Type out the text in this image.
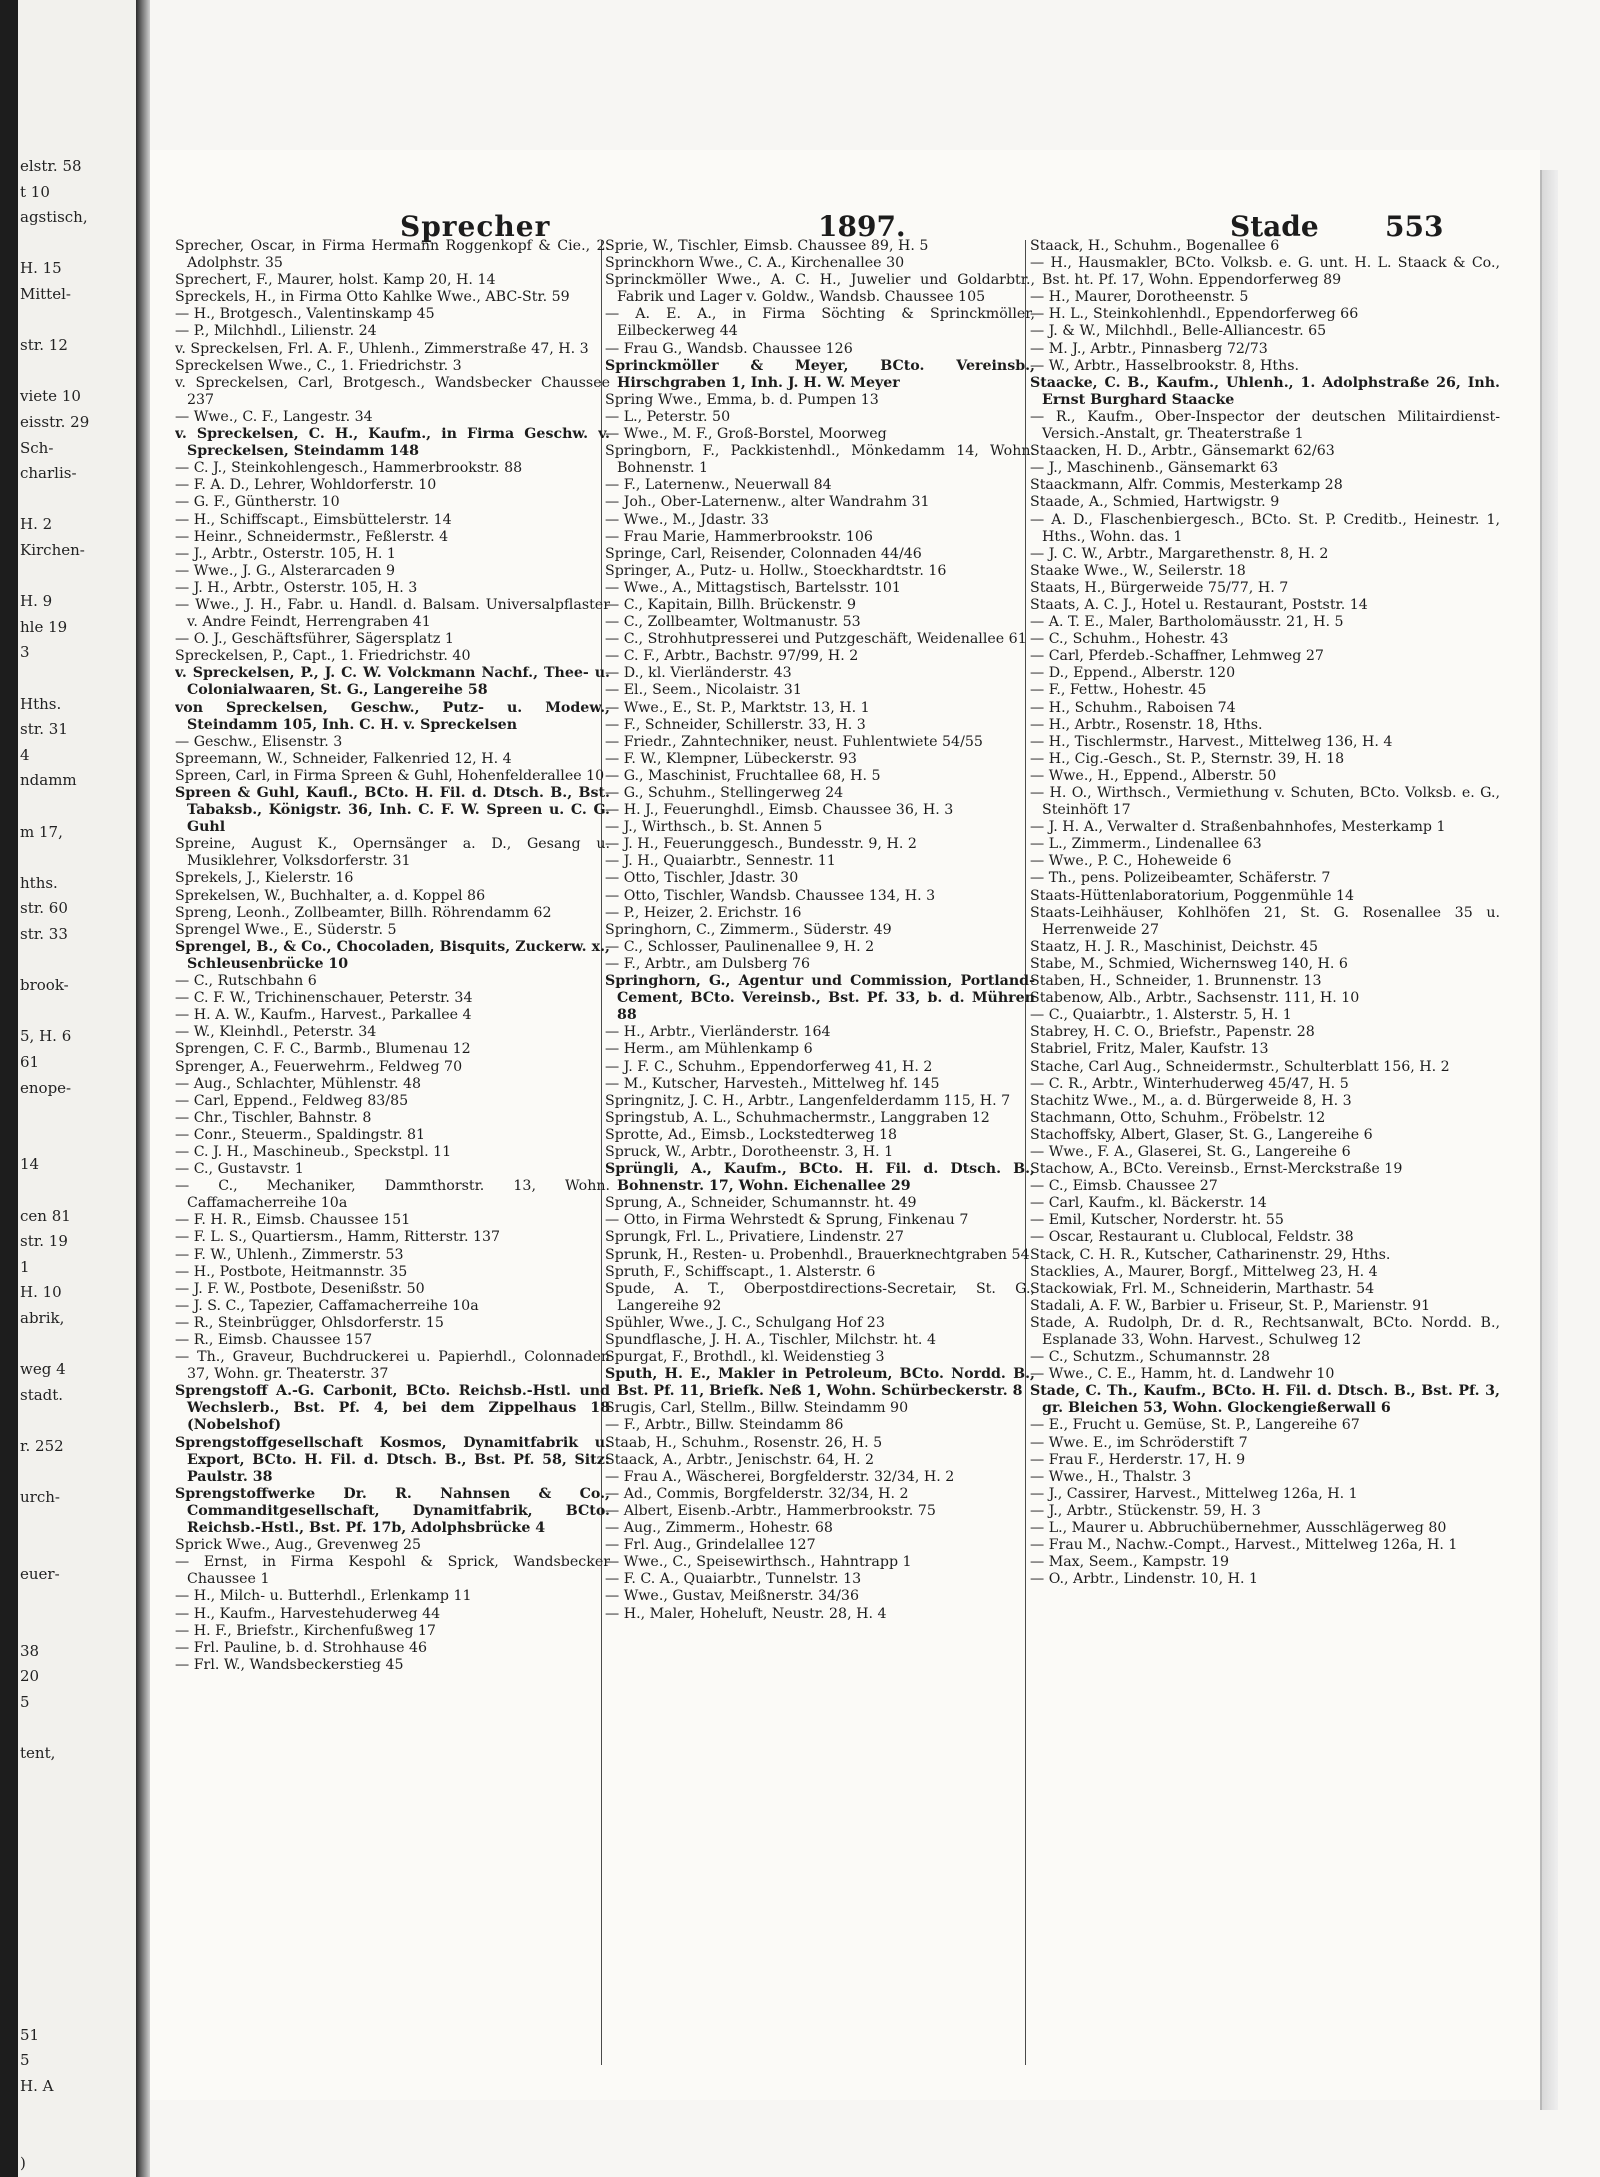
elstr. 58
t 10
agstisch,
H. 15
Mittel-
str. 12
viete 10
eisstr. 29
Sch-
charlis-
H. 2
Kirchen-
H. 9
hle 19
3
Hths.
str. 31
4
ndamm
m 17,
hths.
str. 60
str. 33
brook-
5, H. 6
61
enope-
14
cen 81
str. 19
1
H. 10
abrik,
weg 4
stadt.
r. 252
urch-
euer-
38
20
5
tent,
51
5
H. A
)
Sprecher	1897.	Stade 553

Sprecher, Oscar, in Firma Hermann Roggenkopf & Cie., 2. Adolphstr. 35

Sprechert, F., Maurer, holst. Kamp 20, H. 14

Spreckels, H., in Firma Otto Kahlke Wwe., ABC-Str. 59

— H., Brotgesch., Valentinskamp 45

— P., Milchhdl., Lilienstr. 24

v. Spreckelsen, Frl. A. F., Uhlenh., Zimmerstraße 47, H. 3

Spreckelsen Wwe., C., 1. Friedrichstr. 3

v. Spreckelsen, Carl, Brotgesch., Wandsbecker Chaussee 237

— Wwe., C. F., Langestr. 34

v. Spreckelsen, C. H., Kaufm., in Firma Geschw. v. Spreckelsen, Steindamm 148

— C. J., Steinkohlengesch., Hammerbrookstr. 88

— F. A. D., Lehrer, Wohldorferstr. 10

— G. F., Güntherstr. 10

— H., Schiffscapt., Eimsbüttelerstr. 14

— Heinr., Schneidermstr., Feßlerstr. 4

— J., Arbtr., Osterstr. 105, H. 1

— Wwe., J. G., Alsterarcaden 9

— J. H., Arbtr., Osterstr. 105, H. 3

— Wwe., J. H., Fabr. u. Handl. d. Balsam. Universalpflaster v. Andre Feindt, Herrengraben 41

— O. J., Geschäftsführer, Sägersplatz 1

Spreckelsen, P., Capt., 1. Friedrichstr. 40

v. Spreckelsen, P., J. C. W. Volckmann Nachf., Thee- u. Colonialwaaren, St. G., Langereihe 58

von Spreckelsen, Geschw., Putz- u. Modew., Steindamm 105, Inh. C. H. v. Spreckelsen

— Geschw., Elisenstr. 3

Spreemann, W., Schneider, Falkenried 12, H. 4

Spreen, Carl, in Firma Spreen & Guhl, Hohenfelderallee 10

Spreen & Guhl, Kaufl., BCto. H. Fil. d. Dtsch. B., Bst. Tabaksb., Königstr. 36, Inh. C. F. W. Spreen u. C. G. Guhl

Spreine, August K., Opernsänger a. D., Gesang u. Musiklehrer, Volksdorferstr. 31

Sprekels, J., Kielerstr. 16

Sprekelsen, W., Buchhalter, a. d. Koppel 86

Spreng, Leonh., Zollbeamter, Billh. Röhrendamm 62

Sprengel Wwe., E., Süderstr. 5

Sprengel, B., & Co., Chocoladen, Bisquits, Zuckerw. x., Schleusenbrücke 10

— C., Rutschbahn 6

— C. F. W., Trichinenschauer, Peterstr. 34

— H. A. W., Kaufm., Harvest., Parkallee 4

— W., Kleinhdl., Peterstr. 34

Sprengen, C. F. C., Barmb., Blumenau 12

Sprenger, A., Feuerwehrm., Feldweg 70

— Aug., Schlachter, Mühlenstr. 48

— Carl, Eppend., Feldweg 83/85

— Chr., Tischler, Bahnstr. 8

— Conr., Steuerm., Spaldingstr. 81

— C. J. H., Maschineub., Speckstpl. 11

— C., Gustavstr. 1

— C., Mechaniker, Dammthorstr. 13, Wohn. Caffamacherreihe 10a

— F. H. R., Eimsb. Chaussee 151

— F. L. S., Quartiersm., Hamm, Ritterstr. 137

— F. W., Uhlenh., Zimmerstr. 53

— H., Postbote, Heitmannstr. 35

— J. F. W., Postbote, Desenißstr. 50

— J. S. C., Tapezier, Caffamacherreihe 10a

— R., Steinbrügger, Ohlsdorferstr. 15

— R., Eimsb. Chaussee 157

— Th., Graveur, Buchdruckerei u. Papierhdl., Colonnaden 37, Wohn. gr. Theaterstr. 37

Sprengstoff A.-G. Carbonit, BCto. Reichsb.-Hstl. und Wechslerb., Bst. Pf. 4, bei dem Zippelhaus 18 (Nobelshof)

Sprengstoffgesellschaft Kosmos, Dynamitfabrik u. Export, BCto. H. Fil. d. Dtsch. B., Bst. Pf. 58, Sitz: Paulstr. 38

Sprengstoffwerke Dr. R. Nahnsen & Co., Commanditgesellschaft, Dynamitfabrik, BCto. Reichsb.-Hstl., Bst. Pf. 17b, Adolphsbrücke 4

Sprick Wwe., Aug., Grevenweg 25

— Ernst, in Firma Kespohl & Sprick, Wandsbecker Chaussee 1

— H., Milch- u. Butterhdl., Erlenkamp 11

— H., Kaufm., Harvestehuderweg 44

— H. F., Briefstr., Kirchenfußweg 17

— Frl. Pauline, b. d. Strohhause 46

— Frl. W., Wandsbeckerstieg 45

Sprie, W., Tischler, Eimsb. Chaussee 89, H. 5

Sprinckhorn Wwe., C. A., Kirchenallee 30

Sprinckmöller Wwe., A. C. H., Juwelier und Goldarbtr., Fabrik und Lager v. Goldw., Wandsb. Chaussee 105

— A. E. A., in Firma Söchting & Sprinckmöller, Eilbeckerweg 44

— Frau G., Wandsb. Chaussee 126

Sprinckmöller & Meyer, BCto. Vereinsb., Hirschgraben 1, Inh. J. H. W. Meyer

Spring Wwe., Emma, b. d. Pumpen 13

— L., Peterstr. 50

— Wwe., M. F., Groß-Borstel, Moorweg

Springborn, F., Packkistenhdl., Mönkedamm 14, Wohn. Bohnenstr. 1

— F., Laternenw., Neuerwall 84

— Joh., Ober-Laternenw., alter Wandrahm 31

— Wwe., M., Jdastr. 33

— Frau Marie, Hammerbrookstr. 106

Springe, Carl, Reisender, Colonnaden 44/46

Springer, A., Putz- u. Hollw., Stoeckhardtstr. 16

— Wwe., A., Mittagstisch, Bartelsstr. 101

— C., Kapitain, Billh. Brückenstr. 9

— C., Zollbeamter, Woltmanustr. 53

— C., Strohhutpresserei und Putzgeschäft, Weidenallee 61

— C. F., Arbtr., Bachstr. 97/99, H. 2

— D., kl. Vierländerstr. 43

— El., Seem., Nicolaistr. 31

— Wwe., E., St. P., Marktstr. 13, H. 1

— F., Schneider, Schillerstr. 33, H. 3

— Friedr., Zahntechniker, neust. Fuhlentwiete 54/55

— F. W., Klempner, Lübeckerstr. 93

— G., Maschinist, Fruchtallee 68, H. 5

— G., Schuhm., Stellingerweg 24

— H. J., Feuerunghdl., Eimsb. Chaussee 36, H. 3

— J., Wirthsch., b. St. Annen 5

— J. H., Feuerunggesch., Bundesstr. 9, H. 2

— J. H., Quaiarbtr., Sennestr. 11

— Otto, Tischler, Jdastr. 30

— Otto, Tischler, Wandsb. Chaussee 134, H. 3

— P., Heizer, 2. Erichstr. 16

Springhorn, C., Zimmerm., Süderstr. 49

— C., Schlosser, Paulinenallee 9, H. 2

— F., Arbtr., am Dulsberg 76

Springhorn, G., Agentur und Commission, Portland-Cement, BCto. Vereinsb., Bst. Pf. 33, b. d. Mühren 88

— H., Arbtr., Vierländerstr. 164

— Herm., am Mühlenkamp 6

— J. F. C., Schuhm., Eppendorferweg 41, H. 2

— M., Kutscher, Harvesteh., Mittelweg hf. 145

Springnitz, J. C. H., Arbtr., Langenfelderdamm 115, H. 7

Springstub, A. L., Schuhmachermstr., Langgraben 12

Sprotte, Ad., Eimsb., Lockstedterweg 18

Spruck, W., Arbtr., Dorotheenstr. 3, H. 1

Sprüngli, A., Kaufm., BCto. H. Fil. d. Dtsch. B., Bohnenstr. 17, Wohn. Eichenallee 29

Sprung, A., Schneider, Schumannstr. ht. 49

— Otto, in Firma Wehrstedt & Sprung, Finkenau 7

Sprungk, Frl. L., Privatiere, Lindenstr. 27

Sprunk, H., Resten- u. Probenhdl., Brauerknechtgraben 54

Spruth, F., Schiffscapt., 1. Alsterstr. 6

Spude, A. T., Oberpostdirections-Secretair, St. G., Langereihe 92

Spühler, Wwe., J. C., Schulgang Hof 23

Spundflasche, J. H. A., Tischler, Milchstr. ht. 4

Spurgat, F., Brothdl., kl. Weidenstieg 3

Sputh, H. E., Makler in Petroleum, BCto. Nordd. B., Bst. Pf. 11, Briefk. Neß 1, Wohn. Schürbeckerstr. 8

Srugis, Carl, Stellm., Billw. Steindamm 90

— F., Arbtr., Billw. Steindamm 86

Staab, H., Schuhm., Rosenstr. 26, H. 5

Staack, A., Arbtr., Jenischstr. 64, H. 2

— Frau A., Wäscherei, Borgfelderstr. 32/34, H. 2

— Ad., Commis, Borgfelderstr. 32/34, H. 2

— Albert, Eisenb.-Arbtr., Hammerbrookstr. 75

— Aug., Zimmerm., Hohestr. 68

— Frl. Aug., Grindelallee 127

— Wwe., C., Speisewirthsch., Hahntrapp 1

— F. C. A., Quaiarbtr., Tunnelstr. 13

— Wwe., Gustav, Meißnerstr. 34/36

— H., Maler, Hoheluft, Neustr. 28, H. 4

Staack, H., Schuhm., Bogenallee 6

— H., Hausmakler, BCto. Volksb. e. G. unt. H. L. Staack & Co., Bst. ht. Pf. 17, Wohn. Eppendorferweg 89

— H., Maurer, Dorotheenstr. 5

— H. L., Steinkohlenhdl., Eppendorferweg 66

— J. & W., Milchhdl., Belle-Alliancestr. 65

— M. J., Arbtr., Pinnasberg 72/73

— W., Arbtr., Hasselbrookstr. 8, Hths.

Staacke, C. B., Kaufm., Uhlenh., 1. Adolphstraße 26, Inh. Ernst Burghard Staacke

— R., Kaufm., Ober-Inspector der deutschen Militairdienst-Versich.-Anstalt, gr. Theaterstraße 1

Staacken, H. D., Arbtr., Gänsemarkt 62/63

— J., Maschinenb., Gänsemarkt 63

Staackmann, Alfr. Commis, Mesterkamp 28

Staade, A., Schmied, Hartwigstr. 9

— A. D., Flaschenbiergesch., BCto. St. P. Creditb., Heinestr. 1, Hths., Wohn. das. 1

— J. C. W., Arbtr., Margarethenstr. 8, H. 2

Staake Wwe., W., Seilerstr. 18

Staats, H., Bürgerweide 75/77, H. 7

Staats, A. C. J., Hotel u. Restaurant, Poststr. 14

— A. T. E., Maler, Bartholomäusstr. 21, H. 5

— C., Schuhm., Hohestr. 43

— Carl, Pferdeb.-Schaffner, Lehmweg 27

— D., Eppend., Alberstr. 120

— F., Fettw., Hohestr. 45

— H., Schuhm., Raboisen 74

— H., Arbtr., Rosenstr. 18, Hths.

— H., Tischlermstr., Harvest., Mittelweg 136, H. 4

— H., Cig.-Gesch., St. P., Sternstr. 39, H. 18

— Wwe., H., Eppend., Alberstr. 50

— H. O., Wirthsch., Vermiethung v. Schuten, BCto. Volksb. e. G., Steinhöft 17

— J. H. A., Verwalter d. Straßenbahnhofes, Mesterkamp 1

— L., Zimmerm., Lindenallee 63

— Wwe., P. C., Hoheweide 6

— Th., pens. Polizeibeamter, Schäferstr. 7

Staats-Hüttenlaboratorium, Poggenmühle 14

Staats-Leihhäuser, Kohlhöfen 21, St. G. Rosenallee 35 u. Herrenweide 27

Staatz, H. J. R., Maschinist, Deichstr. 45

Stabe, M., Schmied, Wichernsweg 140, H. 6

Staben, H., Schneider, 1. Brunnenstr. 13

Stabenow, Alb., Arbtr., Sachsenstr. 111, H. 10

— C., Quaiarbtr., 1. Alsterstr. 5, H. 1

Stabrey, H. C. O., Briefstr., Papenstr. 28

Stabriel, Fritz, Maler, Kaufstr. 13

Stache, Carl Aug., Schneidermstr., Schulterblatt 156, H. 2

— C. R., Arbtr., Winterhuderweg 45/47, H. 5

Stachitz Wwe., M., a. d. Bürgerweide 8, H. 3

Stachmann, Otto, Schuhm., Fröbelstr. 12

Stachoffsky, Albert, Glaser, St. G., Langereihe 6

— Wwe., F. A., Glaserei, St. G., Langereihe 6

Stachow, A., BCto. Vereinsb., Ernst-Merckstraße 19

— C., Eimsb. Chaussee 27

— Carl, Kaufm., kl. Bäckerstr. 14

— Emil, Kutscher, Norderstr. ht. 55

— Oscar, Restaurant u. Clublocal, Feldstr. 38

Stack, C. H. R., Kutscher, Catharinenstr. 29, Hths.

Stacklies, A., Maurer, Borgf., Mittelweg 23, H. 4

Stackowiak, Frl. M., Schneiderin, Marthastr. 54

Stadali, A. F. W., Barbier u. Friseur, St. P., Marienstr. 91

Stade, A. Rudolph, Dr. d. R., Rechtsanwalt, BCto. Nordd. B., Esplanade 33, Wohn. Harvest., Schulweg 12

— C., Schutzm., Schumannstr. 28

— Wwe., C. E., Hamm, ht. d. Landwehr 10

Stade, C. Th., Kaufm., BCto. H. Fil. d. Dtsch. B., Bst. Pf. 3, gr. Bleichen 53, Wohn. Glockengießerwall 6

— E., Frucht u. Gemüse, St. P., Langereihe 67

— Wwe. E., im Schröderstift 7

— Frau F., Herderstr. 17, H. 9

— Wwe., H., Thalstr. 3

— J., Cassirer, Harvest., Mittelweg 126a, H. 1

— J., Arbtr., Stückenstr. 59, H. 3

— L., Maurer u. Abbruchübernehmer, Ausschlägerweg 80

— Frau M., Nachw.-Compt., Harvest., Mittelweg 126a, H. 1

— Max, Seem., Kampstr. 19

— O., Arbtr., Lindenstr. 10, H. 1
